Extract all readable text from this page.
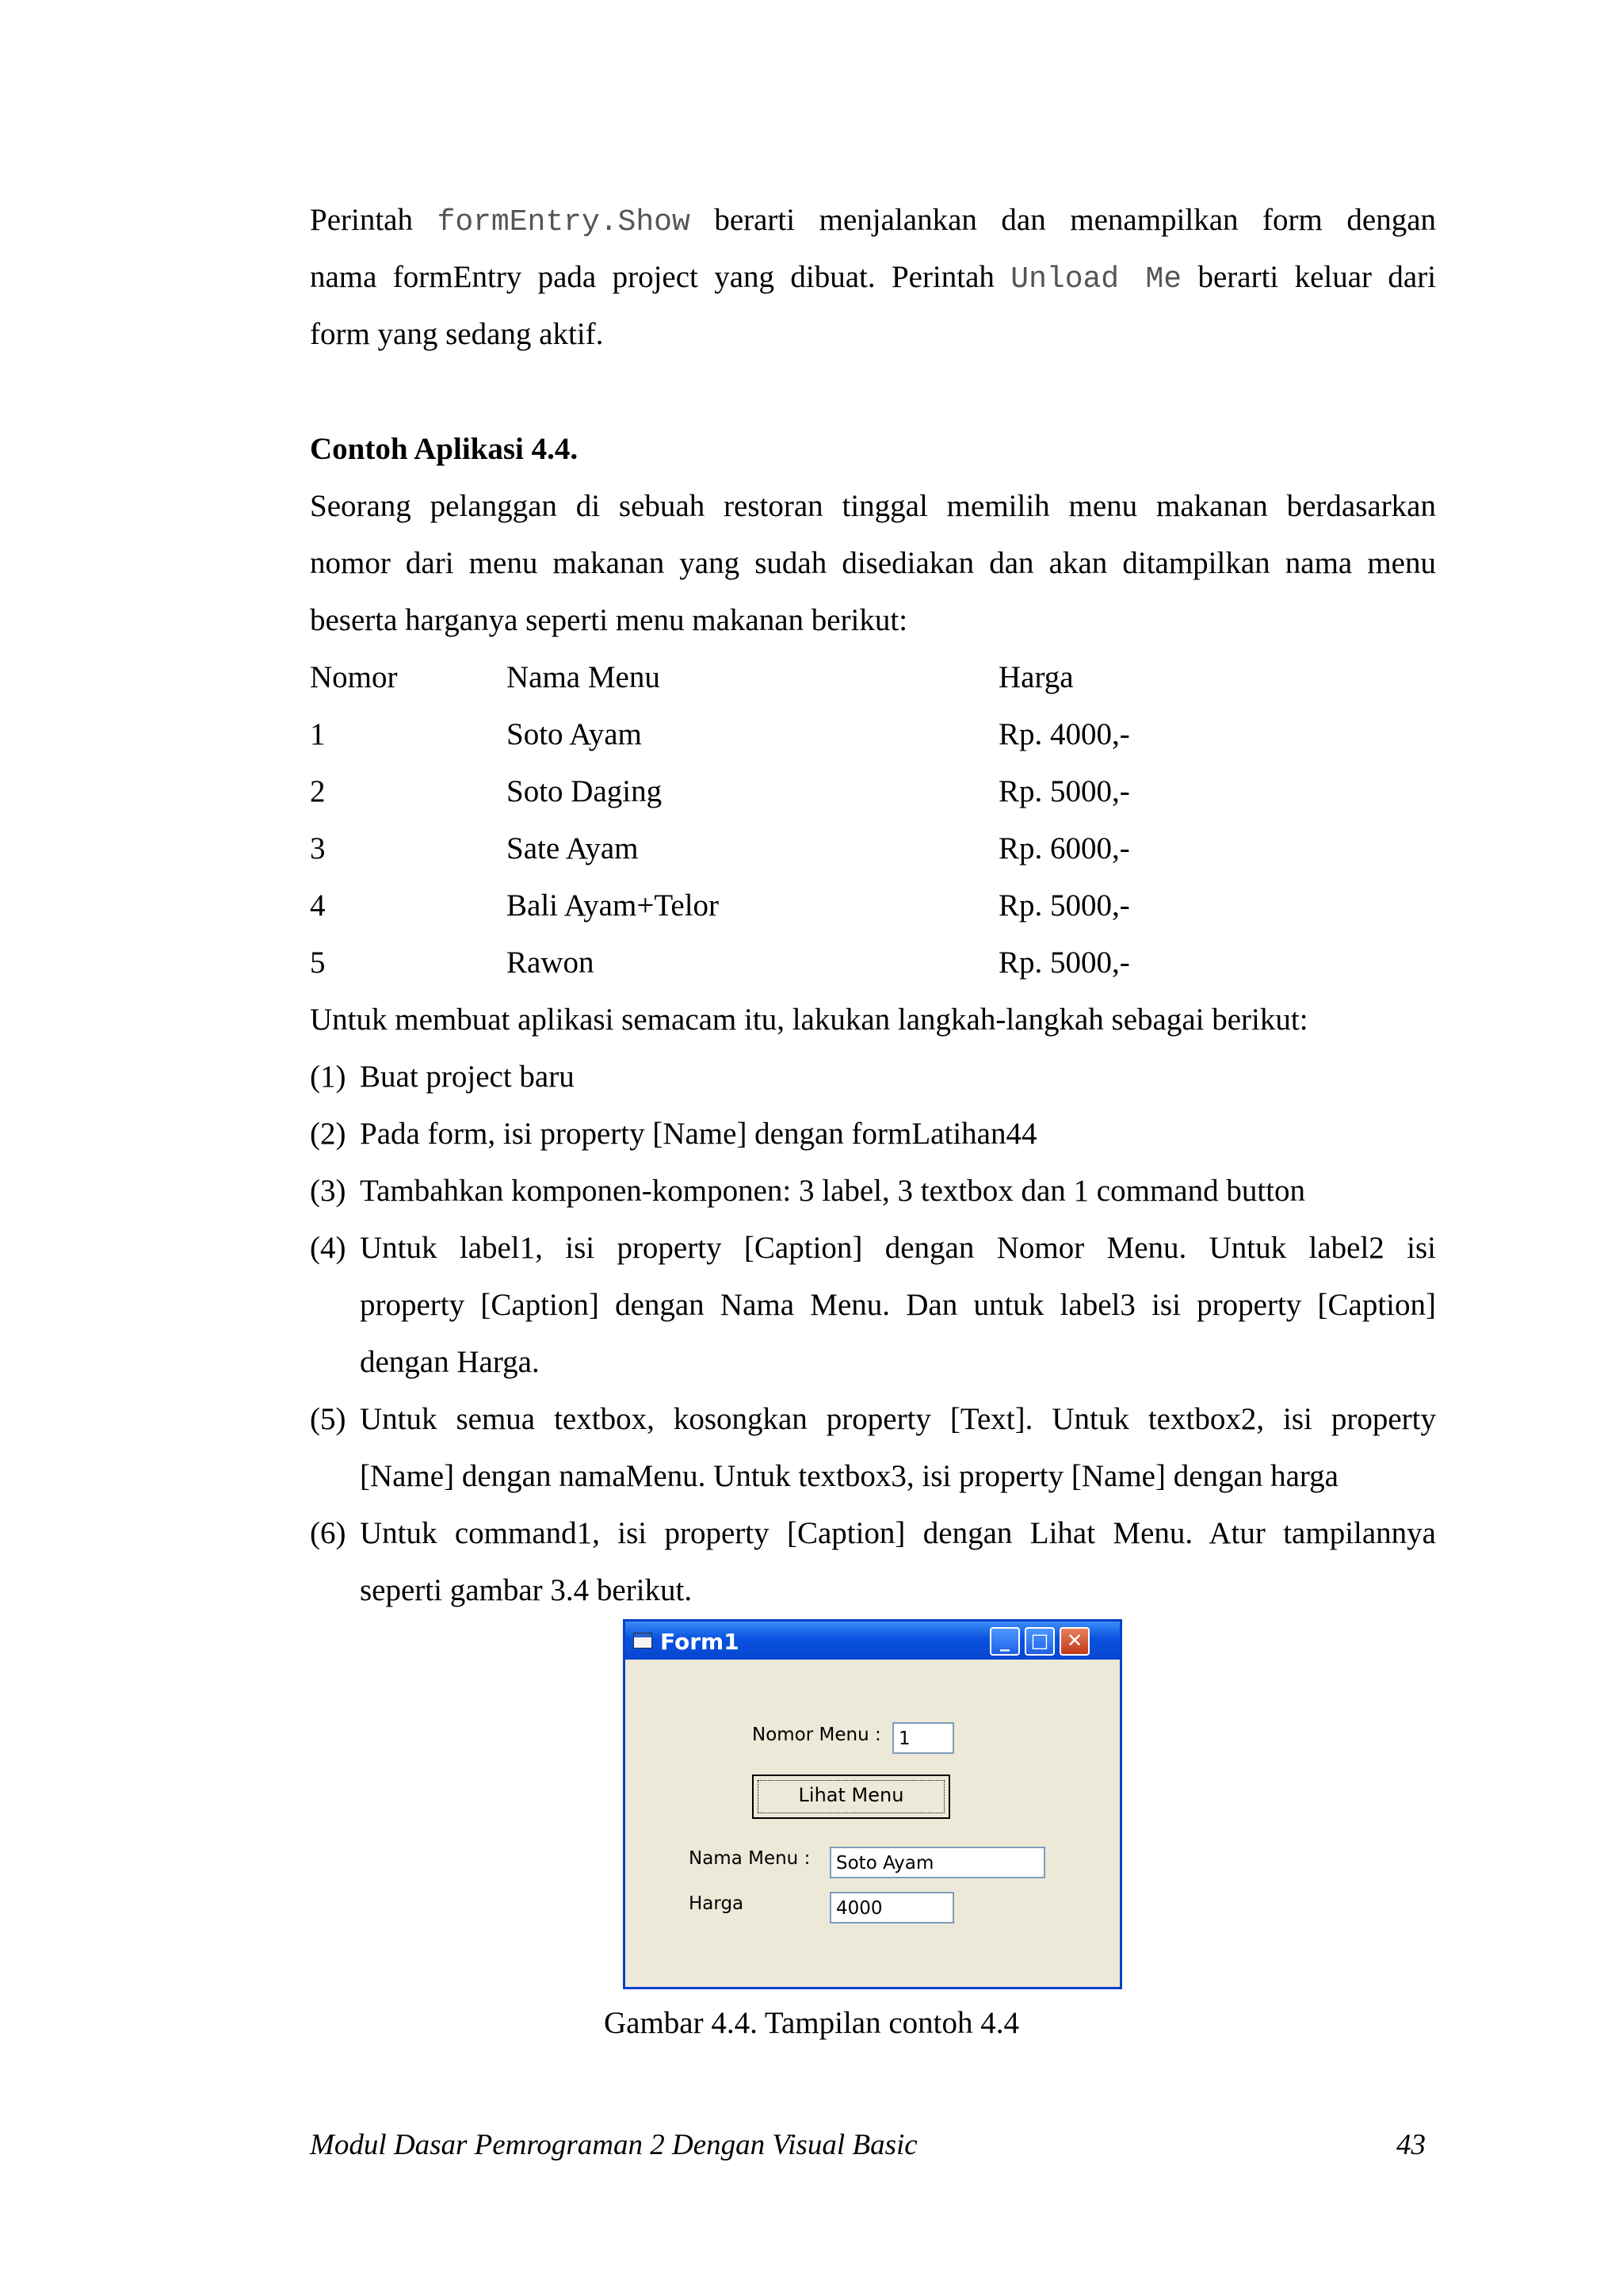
Perintah formEntry.Show berarti menjalankan dan menampilkan form dengan
nama formEntry pada project yang dibuat. Perintah Unload Me berarti keluar dari
form yang sedang aktif.
Contoh Aplikasi 4.4.
Seorang pelanggan di sebuah restoran tinggal memilih menu makanan berdasarkan
nomor dari menu makanan yang sudah disediakan dan akan ditampilkan nama menu
beserta harganya seperti menu makanan berikut:
Nomor	Nama Menu	Harga
1	Soto Ayam	Rp. 4000,-
2	Soto Daging	Rp. 5000,-
3	Sate Ayam	Rp. 6000,-
4	Bali Ayam+Telor	Rp. 5000,-
5	Rawon	Rp. 5000,-
Untuk membuat aplikasi semacam itu, lakukan langkah-langkah sebagai berikut:
(1) Buat project baru
(2) Pada form, isi property [Name] dengan formLatihan44
(3) Tambahkan komponen-komponen: 3 label, 3 textbox dan 1 command button
(4) Untuk label1, isi property [Caption] dengan Nomor Menu. Untuk label2 isi
property [Caption] dengan Nama Menu. Dan untuk label3 isi property [Caption]
dengan Harga.
(5) Untuk semua textbox, kosongkan property [Text]. Untuk textbox2, isi property
[Name] dengan namaMenu. Untuk textbox3, isi property [Name] dengan harga
(6) Untuk command1, isi property [Caption] dengan Lihat Menu. Atur tampilannya
seperti gambar 3.4 berikut.
Form1	_	□ ✕
Nomor Menu : 1
Lihat Menu
Nama Menu :	Soto Ayam
Harga	4000
Gambar 4.4. Tampilan contoh 4.4
Modul Dasar Pemrograman 2 Dengan Visual Basic	43
